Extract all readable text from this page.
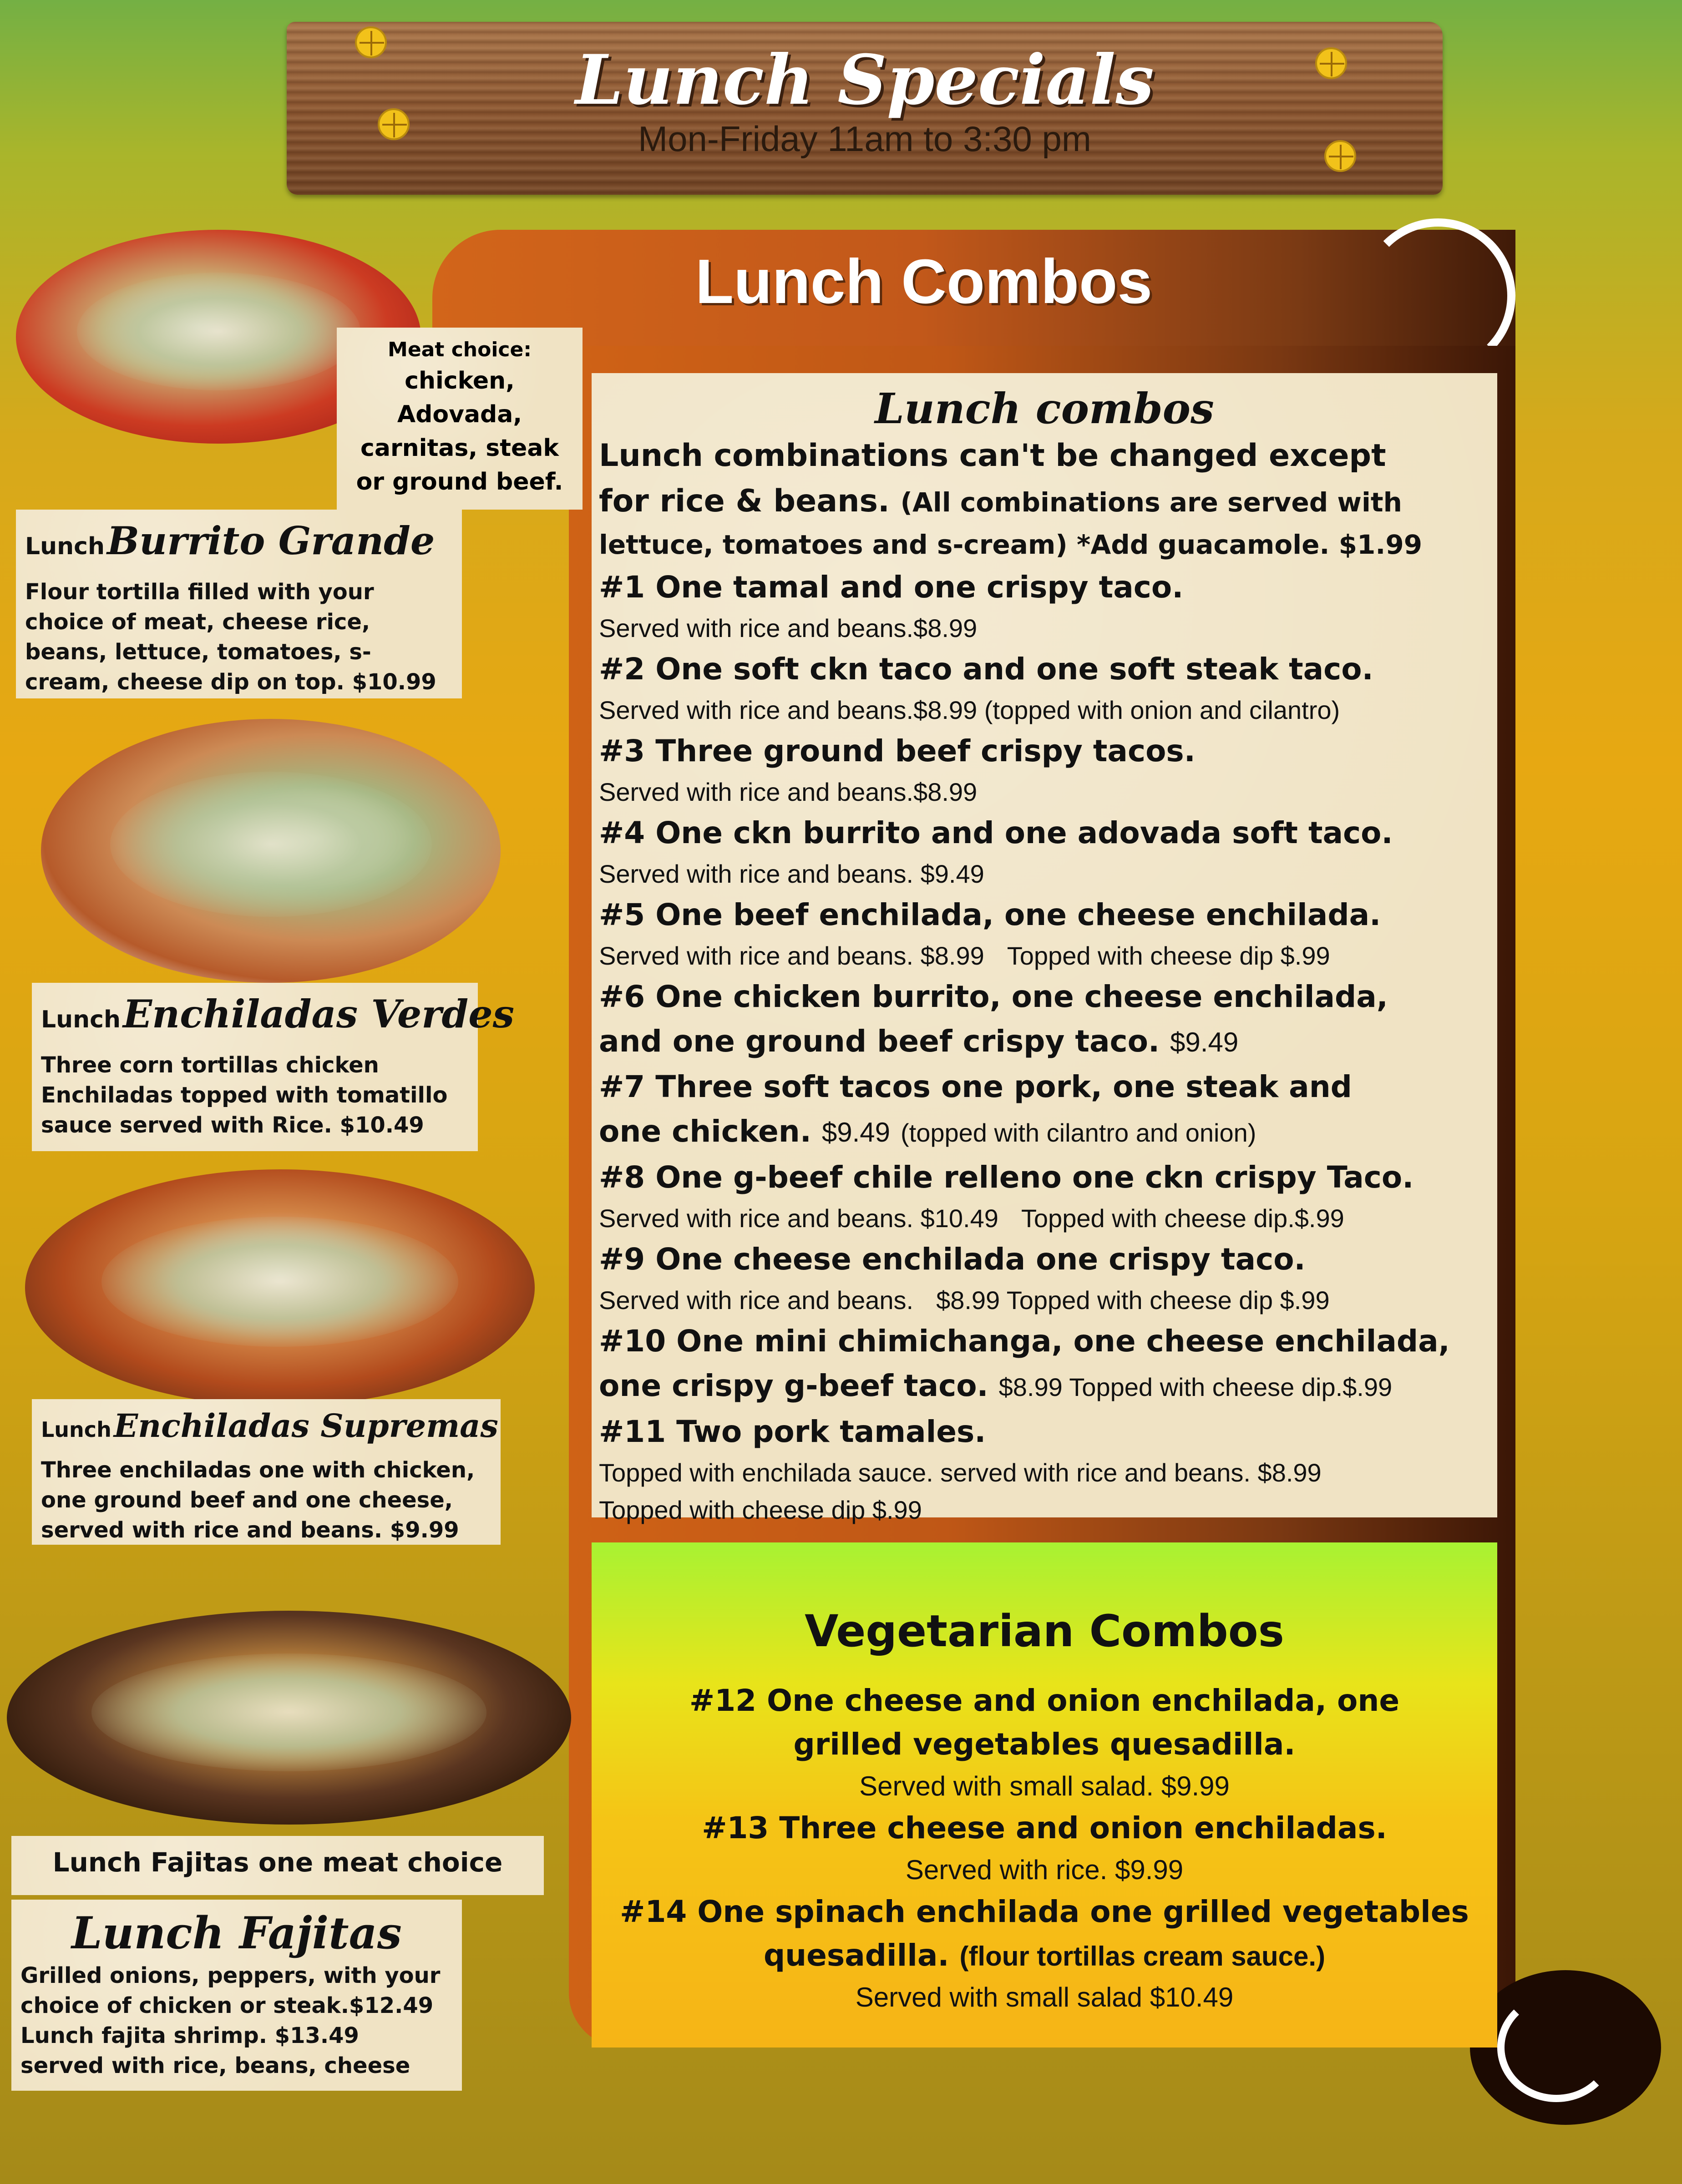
Lunch Specials
Mon-Friday 11am to 3:30 pm
Lunch Combos
Lunch combos
Lunch combinations can't be changed except
for rice & beans. (All combinations are served with
lettuce, tomatoes and s-cream) *Add guacamole. $1.99
#1 One tamal and one crispy taco.
Served with rice and beans.$8.99
#2 One soft ckn taco and one soft steak taco.
Served with rice and beans.$8.99 (topped with onion and cilantro)
#3 Three ground beef crispy tacos.
Served with rice and beans.$8.99
#4 One ckn burrito and one adovada soft taco.
Served with rice and beans. $9.49
#5 One beef enchilada, one cheese enchilada.
Served with rice and beans. $8.99 Topped with cheese dip $.99
#6 One chicken burrito, one cheese enchilada,
and one ground beef crispy taco. $9.49
#7 Three soft tacos one pork, one steak and
one chicken. $9.49 (topped with cilantro and onion)
#8 One g-beef chile relleno one ckn crispy Taco.
Served with rice and beans. $10.49 Topped with cheese dip.$.99
#9 One cheese enchilada one crispy taco.
Served with rice and beans. $8.99 Topped with cheese dip $.99
#10 One mini chimichanga, one cheese enchilada,
one crispy g-beef taco. $8.99 Topped with cheese dip.$.99
#11 Two pork tamales.
Topped with enchilada sauce. served with rice and beans. $8.99
Topped with cheese dip $.99
Vegetarian Combos
#12 One cheese and onion enchilada, one
grilled vegetables quesadilla.
Served with small salad. $9.99
#13 Three cheese and onion enchiladas.
Served with rice. $9.99
#14 One spinach enchilada one grilled vegetables
quesadilla. (flour tortillas cream sauce.)
Served with small salad $10.49
Meat choice:
chicken,
Adovada,
carnitas, steak
or ground beef.
Lunch Burrito Grande
Flour tortilla filled with your
choice of meat, cheese rice,
beans, lettuce, tomatoes, s-
cream, cheese dip on top. $10.99
Lunch Enchiladas Verdes
Three corn tortillas chicken
Enchiladas topped with tomatillo
sauce served with Rice. $10.49
Lunch Enchiladas Supremas
Three enchiladas one with chicken,
one ground beef and one cheese,
served with rice and beans. $9.99
Lunch Fajitas one meat choice
Lunch Fajitas
Grilled onions, peppers, with your
choice of chicken or steak.$12.49
Lunch fajita shrimp. $13.49
served with rice, beans, cheese
